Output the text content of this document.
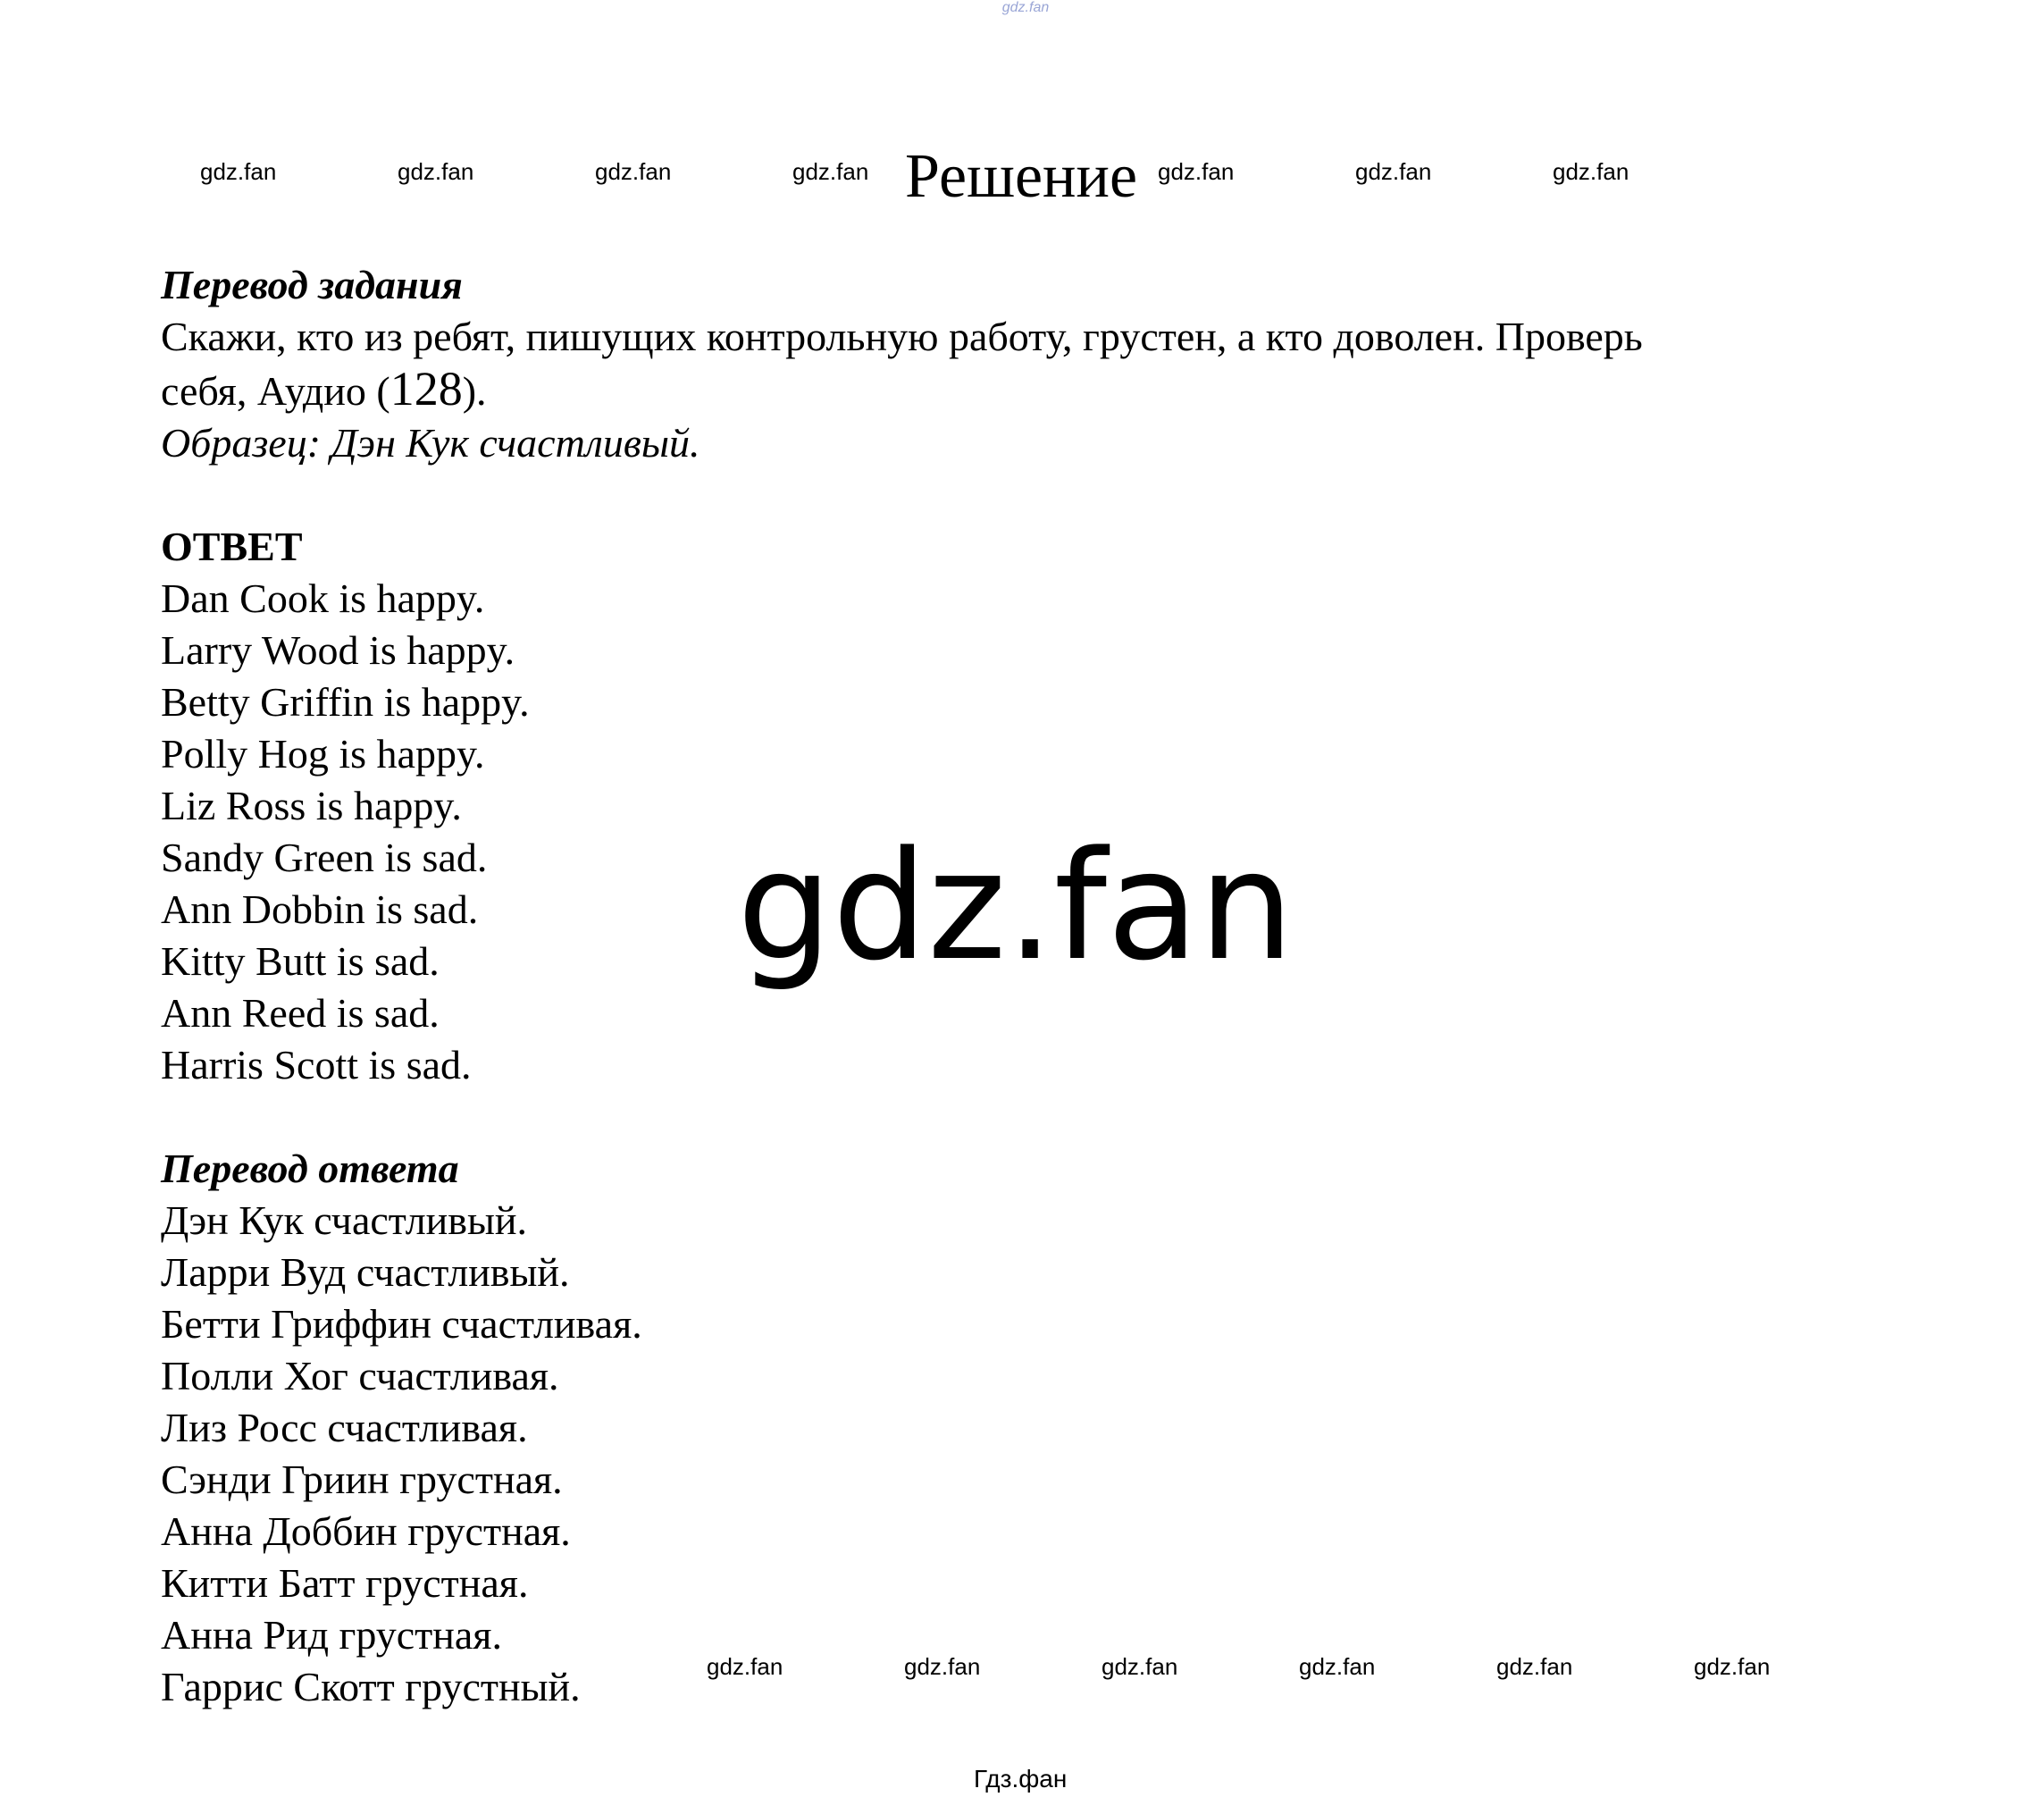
gdz.fan
gdz.fan	gdz.fan	gdz.fan	gdz.fan	gdz.fan	gdz.fan	gdz.fan
Решение
Перевод задания
Скажи, кто из ребят, пишущих контрольную работу, грустен, а кто доволен. Проверь
себя, Аудио (128).
Образец: Дэн Кук счастливый.
ОТВЕТ
Dan Cook is happy.
Larry Wood is happy.
Betty Griffin is happy.
Polly Hog is happy.
Liz Ross is happy.
Sandy Green is sad.
Ann Dobbin is sad.
Kitty Butt is sad.
Ann Reed is sad.
Harris Scott is sad.
Перевод ответа
Дэн Кук счастливый.
Ларри Вуд счастливый.
Бетти Гриффин счастливая.
Полли Хог счастливая.
Лиз Росс счастливая.
Сэнди Гриин грустная.
Анна Доббин грустная.
Китти Батт грустная.
Анна Рид грустная.
Гаррис Скотт грустный.
gdz.fan
gdz.fan	gdz.fan	gdz.fan	gdz.fan	gdz.fan	gdz.fan
Гдз.фан
